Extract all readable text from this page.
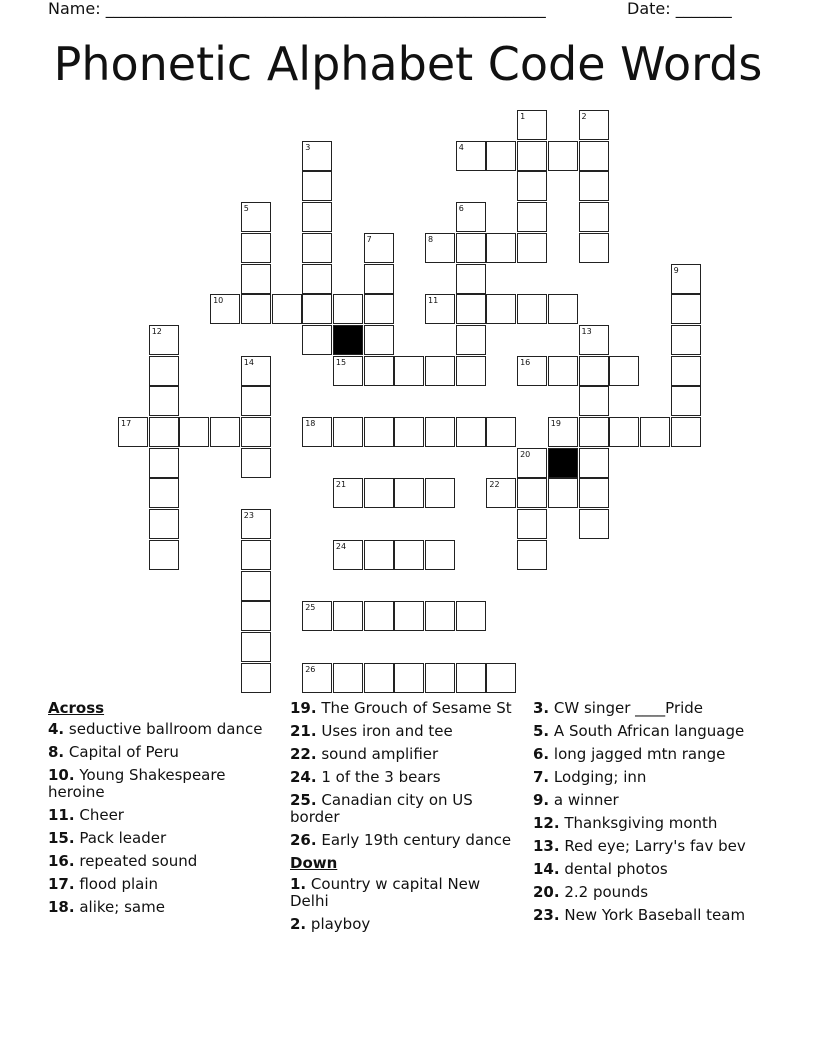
Name: _______________________________________________________	Date: _______
Phonetic Alphabet Code Words
1	2
3	4
5	6
7	8
9
10	11
12	13
14	15	16
17	18	19
20
21	22
23
24
25
26
Across
4. seductive ballroom dance
8. Capital of Peru
10. Young Shakespeare heroine
11. Cheer
15. Pack leader
16. repeated sound
17. flood plain
18. alike; same
19. The Grouch of Sesame St
21. Uses iron and tee
22. sound amplifier
24. 1 of the 3 bears
25. Canadian city on US border
26. Early 19th century dance
Down
1. Country w capital New Delhi
2. playboy
3. CW singer ____Pride
5. A South African language
6. long jagged mtn range
7. Lodging; inn
9. a winner
12. Thanksgiving month
13. Red eye; Larry's fav bev
14. dental photos
20. 2.2 pounds
23. New York Baseball team
